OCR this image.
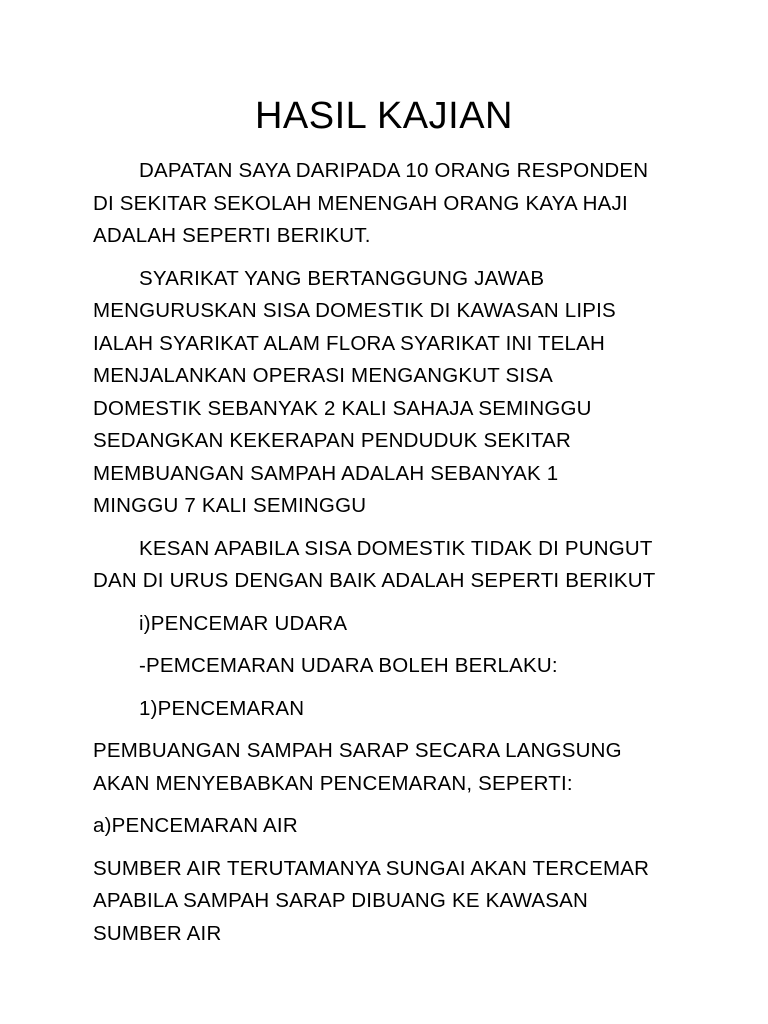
HASIL KAJIAN

DAPATAN SAYA DARIPADA 10 ORANG RESPONDEN
DI SEKITAR SEKOLAH MENENGAH ORANG KAYA HAJI
ADALAH SEPERTI BERIKUT.

SYARIKAT YANG BERTANGGUNG JAWAB
MENGURUSKAN SISA DOMESTIK DI KAWASAN LIPIS
IALAH SYARIKAT ALAM FLORA SYARIKAT INI TELAH
MENJALANKAN OPERASI MENGANGKUT SISA
DOMESTIK SEBANYAK 2 KALI SAHAJA SEMINGGU
SEDANGKAN KEKERAPAN PENDUDUK SEKITAR
MEMBUANGAN SAMPAH ADALAH SEBANYAK 1
MINGGU 7 KALI SEMINGGU

KESAN APABILA SISA DOMESTIK TIDAK DI PUNGUT
DAN DI URUS DENGAN BAIK ADALAH SEPERTI BERIKUT

i)PENCEMAR UDARA

-PEMCEMARAN UDARA BOLEH BERLAKU:

1)PENCEMARAN

PEMBUANGAN SAMPAH SARAP SECARA LANGSUNG
AKAN MENYEBABKAN PENCEMARAN, SEPERTI:

a)PENCEMARAN AIR

SUMBER AIR TERUTAMANYA SUNGAI AKAN TERCEMAR
APABILA SAMPAH SARAP DIBUANG KE KAWASAN
SUMBER AIR
